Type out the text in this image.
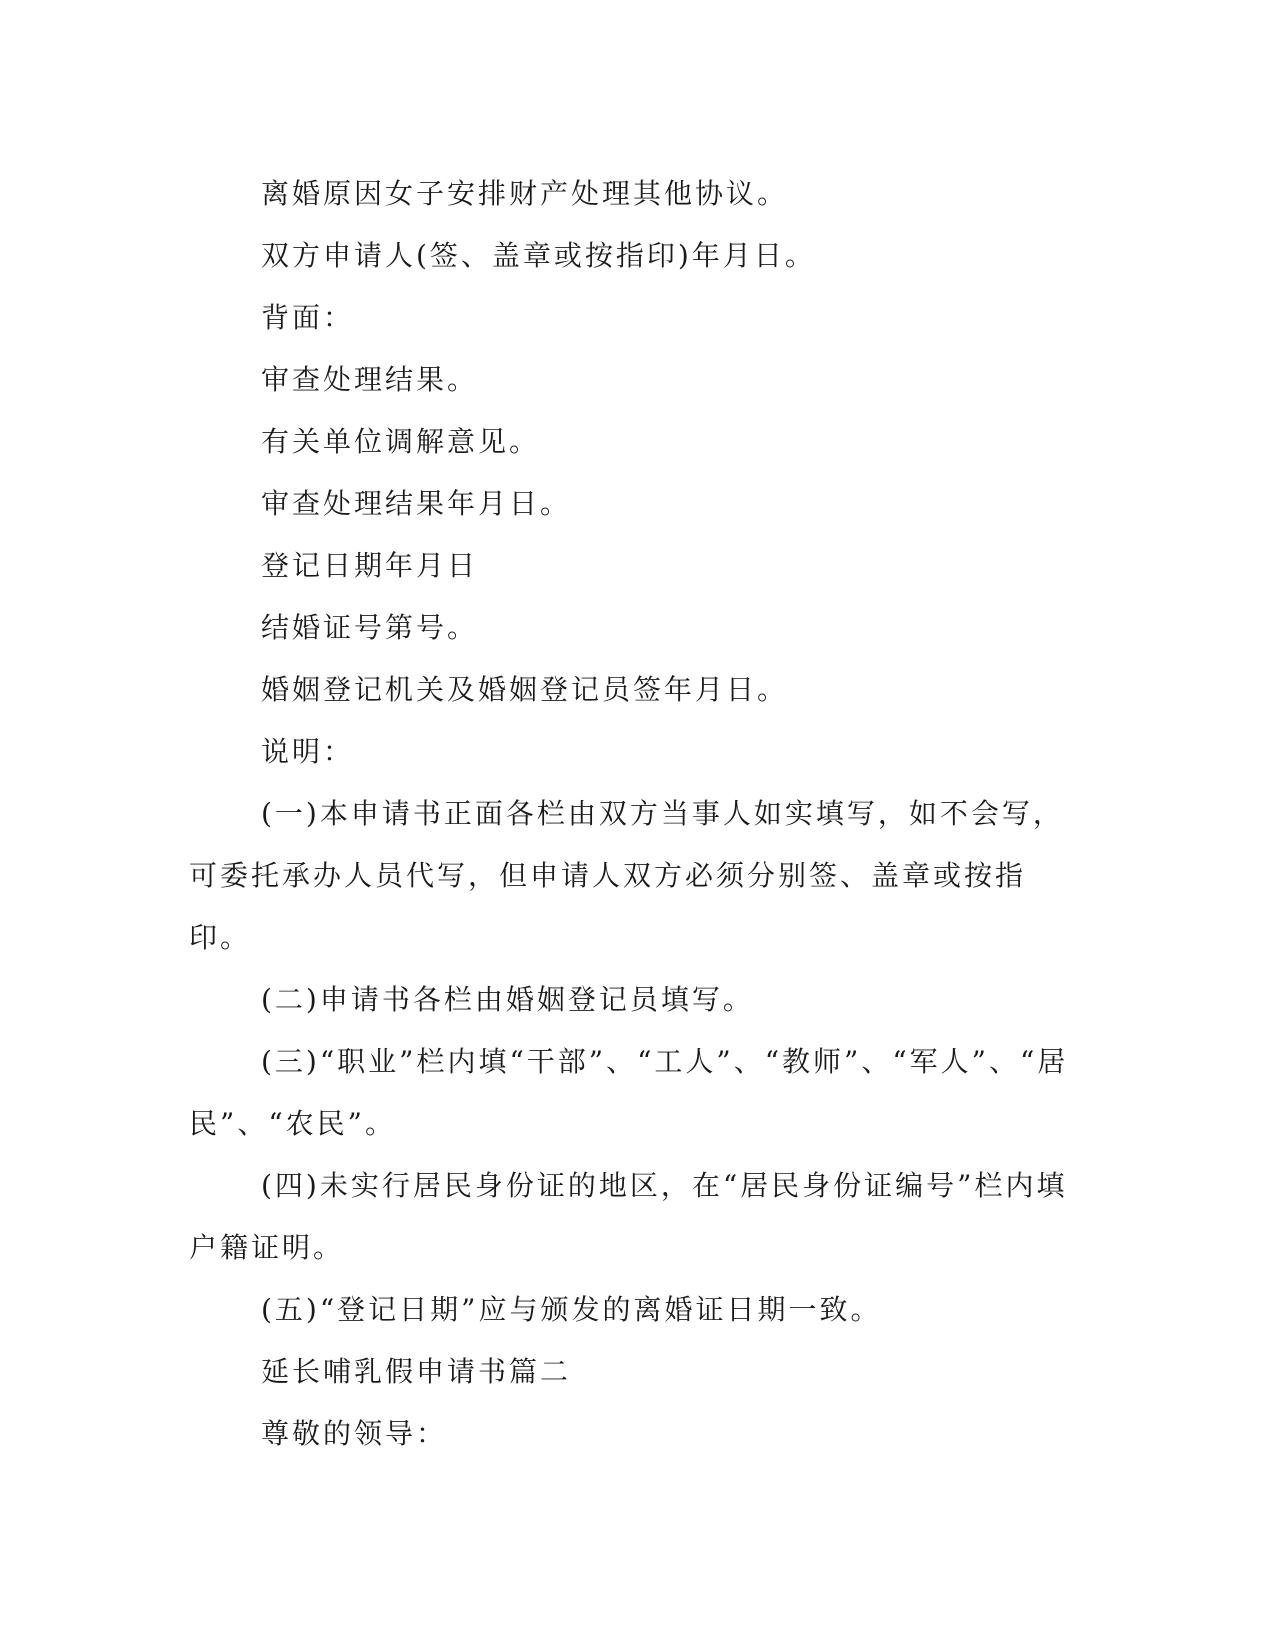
离婚原因女子安排财产处理其他协议。

双方申请人(签、盖章或按指印)年月日。

背面：

审查处理结果。

有关单位调解意见。

审查处理结果年月日。

登记日期年月日

结婚证号第号。

婚姻登记机关及婚姻登记员签年月日。

说明：

(一)本申请书正面各栏由双方当事人如实填写，如不会写，可委托承办人员代写，但申请人双方必须分别签、盖章或按指印。

(二)申请书各栏由婚姻登记员填写。

(三)“职业”栏内填“干部”、“工人”、“教师”、“军人”、“居民”、“农民”。

(四)未实行居民身份证的地区，在“居民身份证编号”栏内填户籍证明。

(五)“登记日期”应与颁发的离婚证日期一致。

延长哺乳假申请书篇二

尊敬的领导：
